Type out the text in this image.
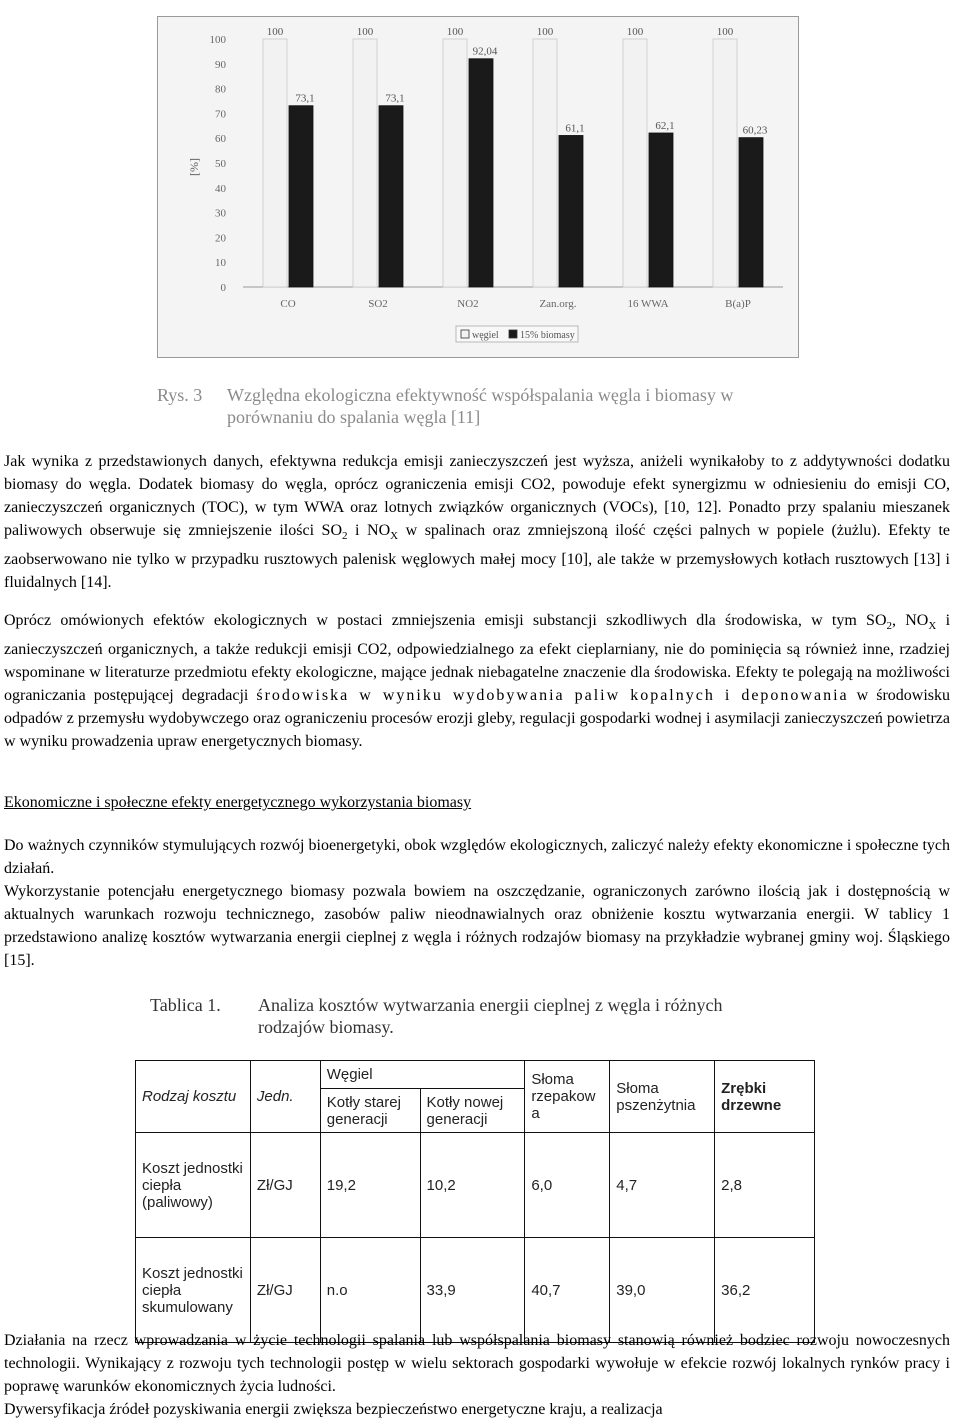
0
10
20
30
40
50
60
70
80
90
100
[%]
100
73,1
CO
100
73,1
SO2
100
92,04
NO2
100
61,1
Zan.org.
100
62,1
16 WWA
100
60,23
B(a)P
węgiel 15% biomasy
Rys. 3 Względna ekologiczna efektywność współspalania węgla i biomasy w
porównaniu do spalania węgla [11]

Jak wynika z przedstawionych danych, efektywna redukcja emisji zanieczyszczeń jest wyższa, aniżeli wynikałoby to z addytywności dodatku biomasy do węgla. Dodatek biomasy do węgla, oprócz ograniczenia emisji CO2, powoduje efekt synergizmu w odniesieniu do emisji CO, zanieczyszczeń organicznych (TOC), w tym WWA oraz lotnych związków organicznych (VOCs), [10, 12]. Ponadto przy spalaniu mieszanek paliwowych obserwuje się zmniejszenie ilości $SO_2$ i $NO_X$ w spalinach oraz zmniejszoną ilość części palnych w popiele (żużlu). Efekty te zaobserwowano nie tylko w przypadku rusztowych palenisk węglowych małej mocy [10], ale także w przemysłowych kotłach rusztowych [13] i fluidalnych [14].

Oprócz omówionych efektów ekologicznych w postaci zmniejszenia emisji substancji szkodliwych dla środowiska, w tym $SO_2$, $NO_X$ i zanieczyszczeń organicznych, a także redukcji emisji CO2, odpowiedzialnego za efekt cieplarniany, nie do pominięcia są również inne, rzadziej wspominane w literaturze przedmiotu efekty ekologiczne, mające jednak niebagatelne znaczenie dla środowiska. Efekty te polegają na możliwości ograniczania postępującej degradacji środowiska w wyniku wydobywania paliw kopalnych i deponowania w środowisku odpadów z przemysłu wydobywczego oraz ograniczeniu procesów erozji gleby, regulacji gospodarki wodnej i asymilacji zanieczyszczeń powietrza w wyniku prowadzenia upraw energetycznych biomasy.

Ekonomiczne i społeczne efekty energetycznego wykorzystania biomasy

Do ważnych czynników stymulujących rozwój bioenergetyki, obok względów ekologicznych, zaliczyć należy efekty ekonomiczne i społeczne tych działań.

Wykorzystanie potencjału energetycznego biomasy pozwala bowiem na oszczędzanie, ograniczonych zarówno ilością jak i dostępnością w aktualnych warunkach rozwoju technicznego, zasobów paliw nieodnawialnych oraz obniżenie kosztu wytwarzania energii. W tablicy 1 przedstawiono analizę kosztów wytwarzania energii cieplnej z węgla i różnych rodzajów biomasy na przykładzie wybranej gminy woj. Śląskiego [15].

Tablica 1. Analiza kosztów wytwarzania energii cieplnej z węgla i różnych
rodzajów biomasy.
Rodzaj kosztu	Jedn.	Węgiel		Słoma rzepakow a	Słoma pszenżytnia	Zrębki drzewne
		Kotły starej generacji	Kotły nowej generacji			
Koszt jednostki ciepła (paliwowy)	Zł/GJ	19,2	10,2	6,0	4,7	2,8
Koszt jednostki ciepła skumulowany	Zł/GJ	n.o	33,9	40,7	39,0	36,2

Działania na rzecz wprowadzania w życie technologii spalania lub współspalania biomasy stanowią również bodziec rozwoju nowoczesnych technologii. Wynikający z rozwoju tych technologii postęp w wielu sektorach gospodarki wywołuje w efekcie rozwój lokalnych rynków pracy i poprawę warunków ekonomicznych życia ludności.

Dywersyfikacja źródeł pozyskiwania energii zwiększa bezpieczeństwo energetyczne kraju, a realizacja
